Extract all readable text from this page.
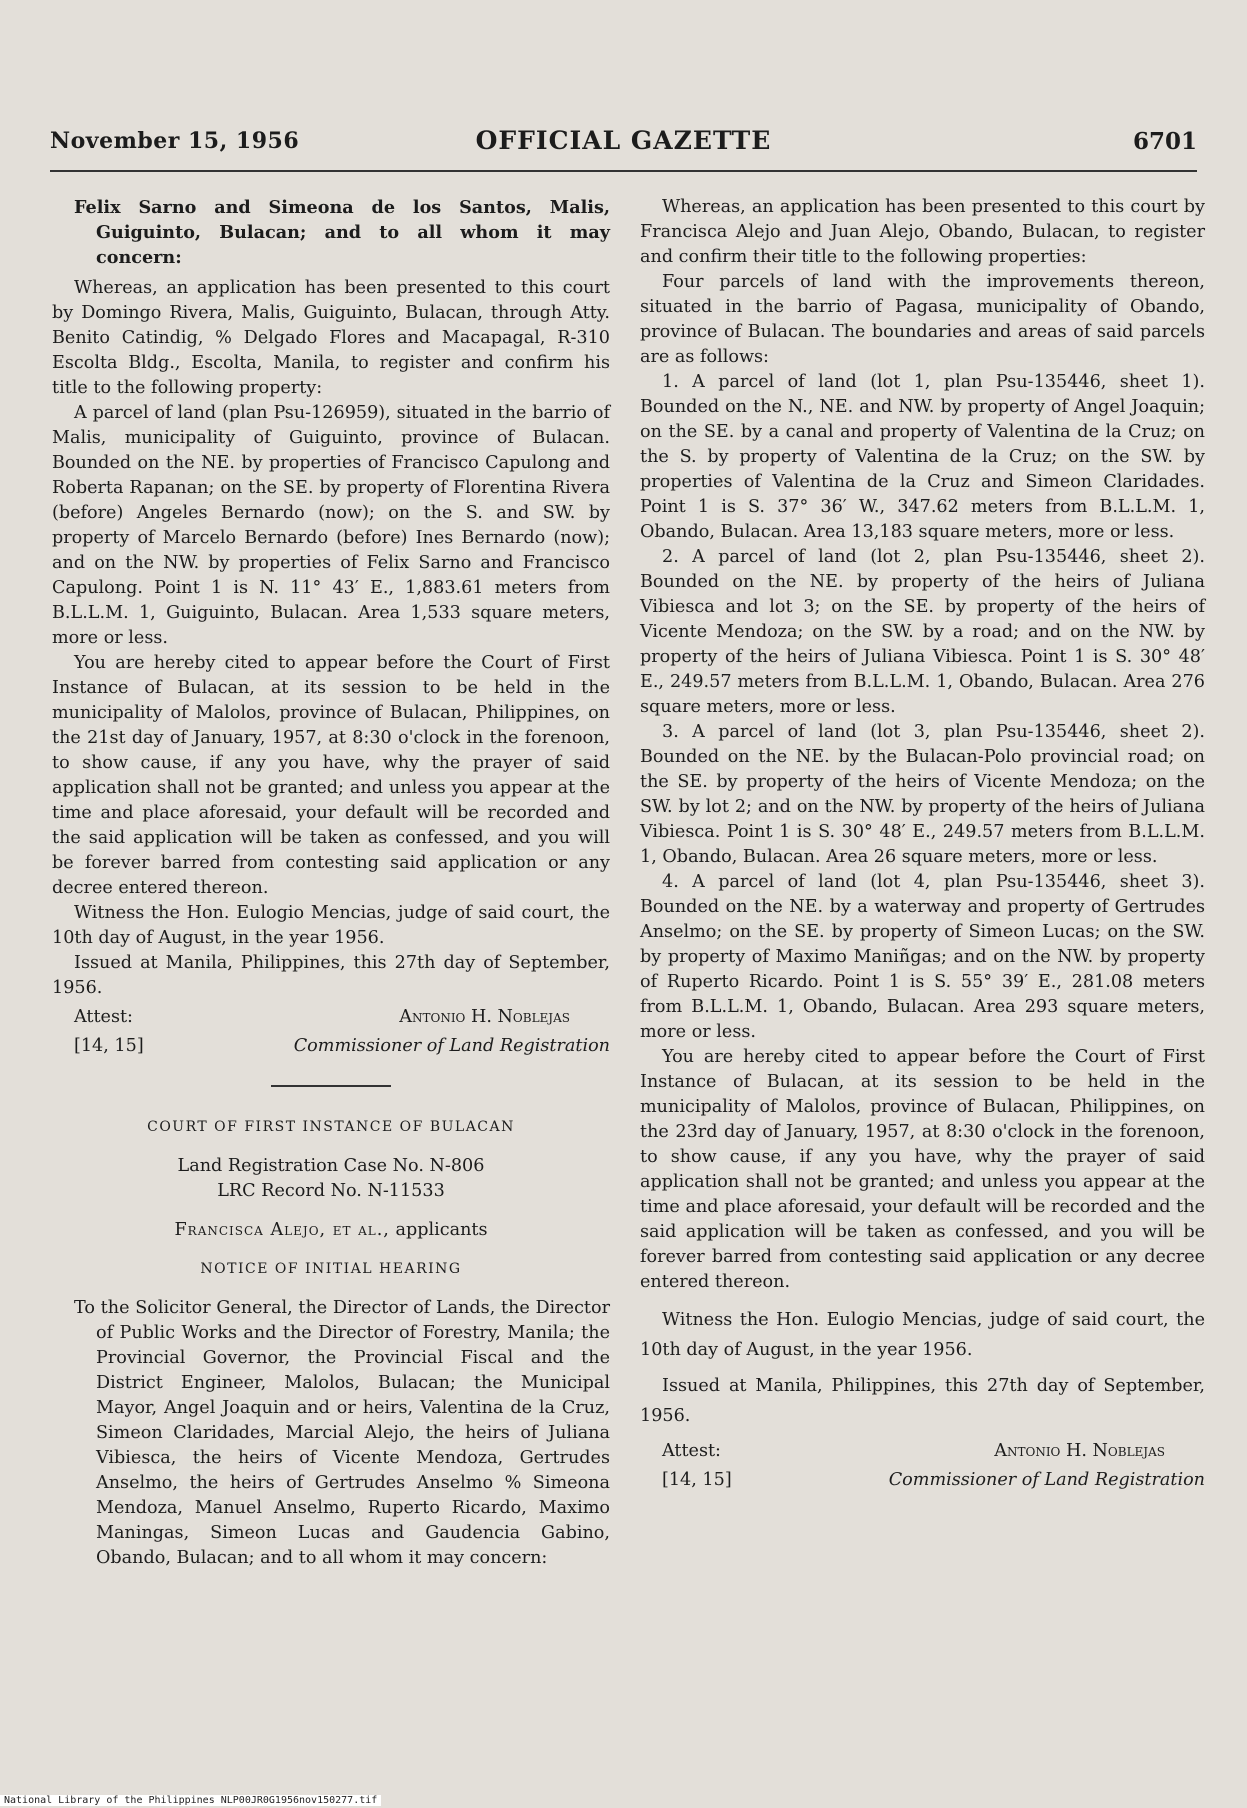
November 15, 1956	OFFICIAL GAZETTE	6701

Felix Sarno and Simeona de los Santos, Malis, Guiguinto, Bulacan; and to all whom it may concern:

Whereas, an application has been presented to this court by Domingo Rivera, Malis, Guiguinto, Bulacan, through Atty. Benito Catindig, % Delgado Flores and Macapagal, R-310 Escolta Bldg., Escolta, Manila, to register and confirm his title to the following property:

A parcel of land (plan Psu-126959), situated in the barrio of Malis, municipality of Guiguinto, province of Bulacan. Bounded on the NE. by properties of Francisco Capulong and Roberta Rapanan; on the SE. by property of Florentina Rivera (before) Angeles Bernardo (now); on the S. and SW. by property of Marcelo Bernardo (before) Ines Bernardo (now); and on the NW. by properties of Felix Sarno and Francisco Capulong. Point 1 is N. 11° 43′ E., 1,883.61 meters from B.L.L.M. 1, Guiguinto, Bulacan. Area 1,533 square meters, more or less.

You are hereby cited to appear before the Court of First Instance of Bulacan, at its session to be held in the municipality of Malolos, province of Bulacan, Philippines, on the 21st day of January, 1957, at 8:30 o'clock in the forenoon, to show cause, if any you have, why the prayer of said application shall not be granted; and unless you appear at the time and place aforesaid, your default will be recorded and the said application will be taken as confessed, and you will be forever barred from contesting said application or any decree entered thereon.

Witness the Hon. Eulogio Mencias, judge of said court, the 10th day of August, in the year 1956.

Issued at Manila, Philippines, this 27th day of September, 1956.

Attest:	Antonio H. Noblejas
[14, 15]	Commissioner of Land Registration

COURT OF FIRST INSTANCE OF BULACAN

Land Registration Case No. N-806

LRC Record No. N-11533

Francisca Alejo, et al., applicants

NOTICE OF INITIAL HEARING

To the Solicitor General, the Director of Lands, the Director of Public Works and the Director of Forestry, Manila; the Provincial Governor, the Provincial Fiscal and the District Engineer, Malolos, Bulacan; the Municipal Mayor, Angel Joaquin and or heirs, Valentina de la Cruz, Simeon Claridades, Marcial Alejo, the heirs of Juliana Vibiesca, the heirs of Vicente Mendoza, Gertrudes Anselmo, the heirs of Gertrudes Anselmo % Simeona Mendoza, Manuel Anselmo, Ruperto Ricardo, Maximo Maningas, Simeon Lucas and Gaudencia Gabino, Obando, Bulacan; and to all whom it may concern:

Whereas, an application has been presented to this court by Francisca Alejo and Juan Alejo, Obando, Bulacan, to register and confirm their title to the following properties:

Four parcels of land with the improvements thereon, situated in the barrio of Pagasa, municipality of Obando, province of Bulacan. The boundaries and areas of said parcels are as follows:

1. A parcel of land (lot 1, plan Psu-135446, sheet 1). Bounded on the N., NE. and NW. by property of Angel Joaquin; on the SE. by a canal and property of Valentina de la Cruz; on the S. by property of Valentina de la Cruz; on the SW. by properties of Valentina de la Cruz and Simeon Claridades. Point 1 is S. 37° 36′ W., 347.62 meters from B.L.L.M. 1, Obando, Bulacan. Area 13,183 square meters, more or less.

2. A parcel of land (lot 2, plan Psu-135446, sheet 2). Bounded on the NE. by property of the heirs of Juliana Vibiesca and lot 3; on the SE. by property of the heirs of Vicente Mendoza; on the SW. by a road; and on the NW. by property of the heirs of Juliana Vibiesca. Point 1 is S. 30° 48′ E., 249.57 meters from B.L.L.M. 1, Obando, Bulacan. Area 276 square meters, more or less.

3. A parcel of land (lot 3, plan Psu-135446, sheet 2). Bounded on the NE. by the Bulacan-Polo provincial road; on the SE. by property of the heirs of Vicente Mendoza; on the SW. by lot 2; and on the NW. by property of the heirs of Juliana Vibiesca. Point 1 is S. 30° 48′ E., 249.57 meters from B.L.L.M. 1, Obando, Bulacan. Area 26 square meters, more or less.

4. A parcel of land (lot 4, plan Psu-135446, sheet 3). Bounded on the NE. by a waterway and property of Gertrudes Anselmo; on the SE. by property of Simeon Lucas; on the SW. by property of Maximo Maniñgas; and on the NW. by property of Ruperto Ricardo. Point 1 is S. 55° 39′ E., 281.08 meters from B.L.L.M. 1, Obando, Bulacan. Area 293 square meters, more or less.

You are hereby cited to appear before the Court of First Instance of Bulacan, at its session to be held in the municipality of Malolos, province of Bulacan, Philippines, on the 23rd day of January, 1957, at 8:30 o'clock in the forenoon, to show cause, if any you have, why the prayer of said application shall not be granted; and unless you appear at the time and place aforesaid, your default will be recorded and the said application will be taken as confessed, and you will be forever barred from contesting said application or any decree entered thereon.

Witness the Hon. Eulogio Mencias, judge of said court, the 10th day of August, in the year 1956.

Issued at Manila, Philippines, this 27th day of September, 1956.

Attest:	Antonio H. Noblejas
[14, 15]	Commissioner of Land Registration
National Library of the Philippines NLP00JR0G1956nov150277.tif
